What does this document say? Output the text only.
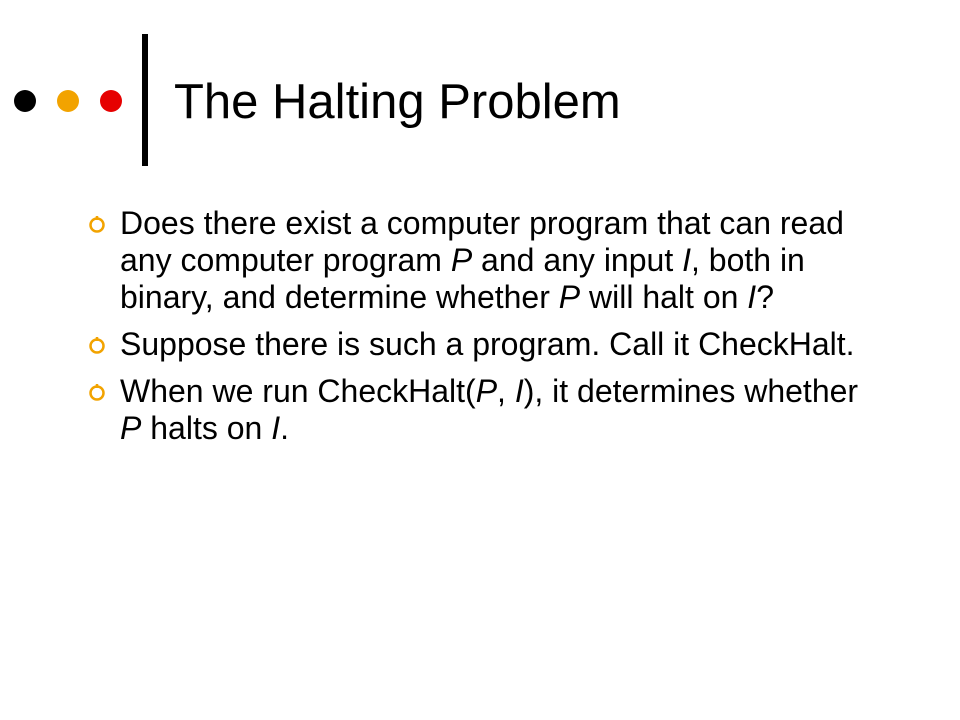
The Halting Problem
Does there exist a computer program that can read any computer program P and any input I, both in binary, and determine whether P will halt on I?
Suppose there is such a program. Call it CheckHalt.
When we run CheckHalt(P, I), it determines whether P halts on I.
